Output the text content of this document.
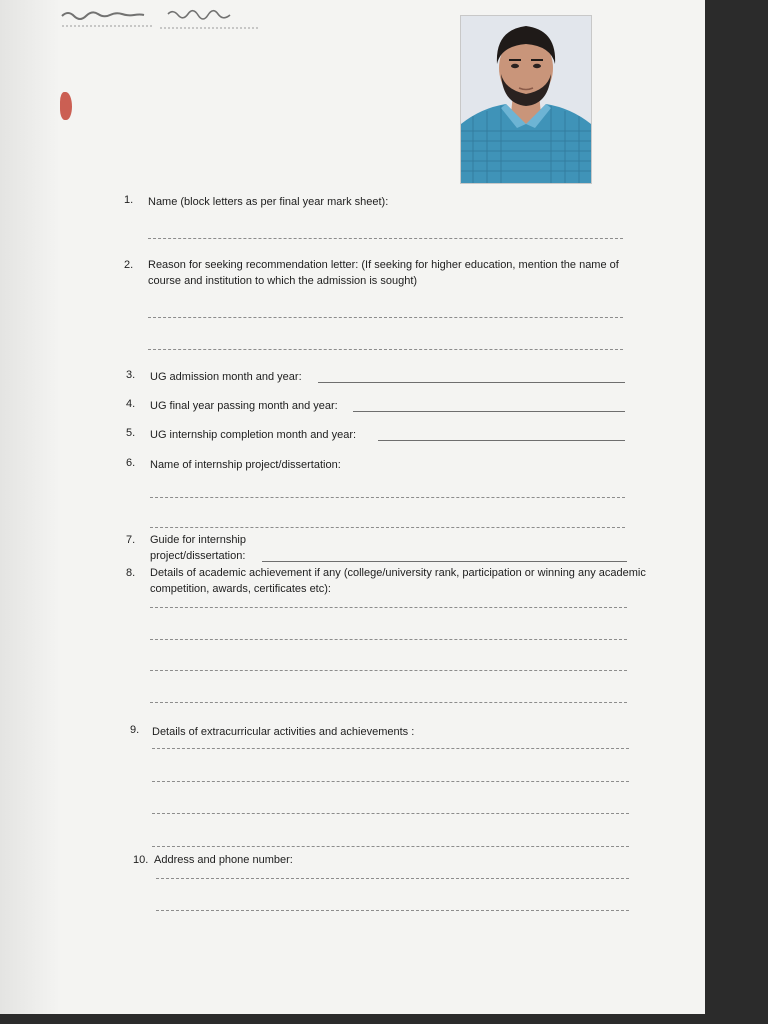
1. Name (block letters as per final year mark sheet):
2. Reason for seeking recommendation letter: (If seeking for higher education, mention the name of
course and institution to which the admission is sought)
3. UG admission month and year:
4. UG final year passing month and year:
5. UG internship completion month and year:
6. Name of internship project/dissertation:
7. Guide for internship
project/dissertation:
8. Details of academic achievement if any (college/university rank, participation or winning any academic
competition, awards, certificates etc):
9. Details of extracurricular activities and achievements :
10. Address and phone number:
